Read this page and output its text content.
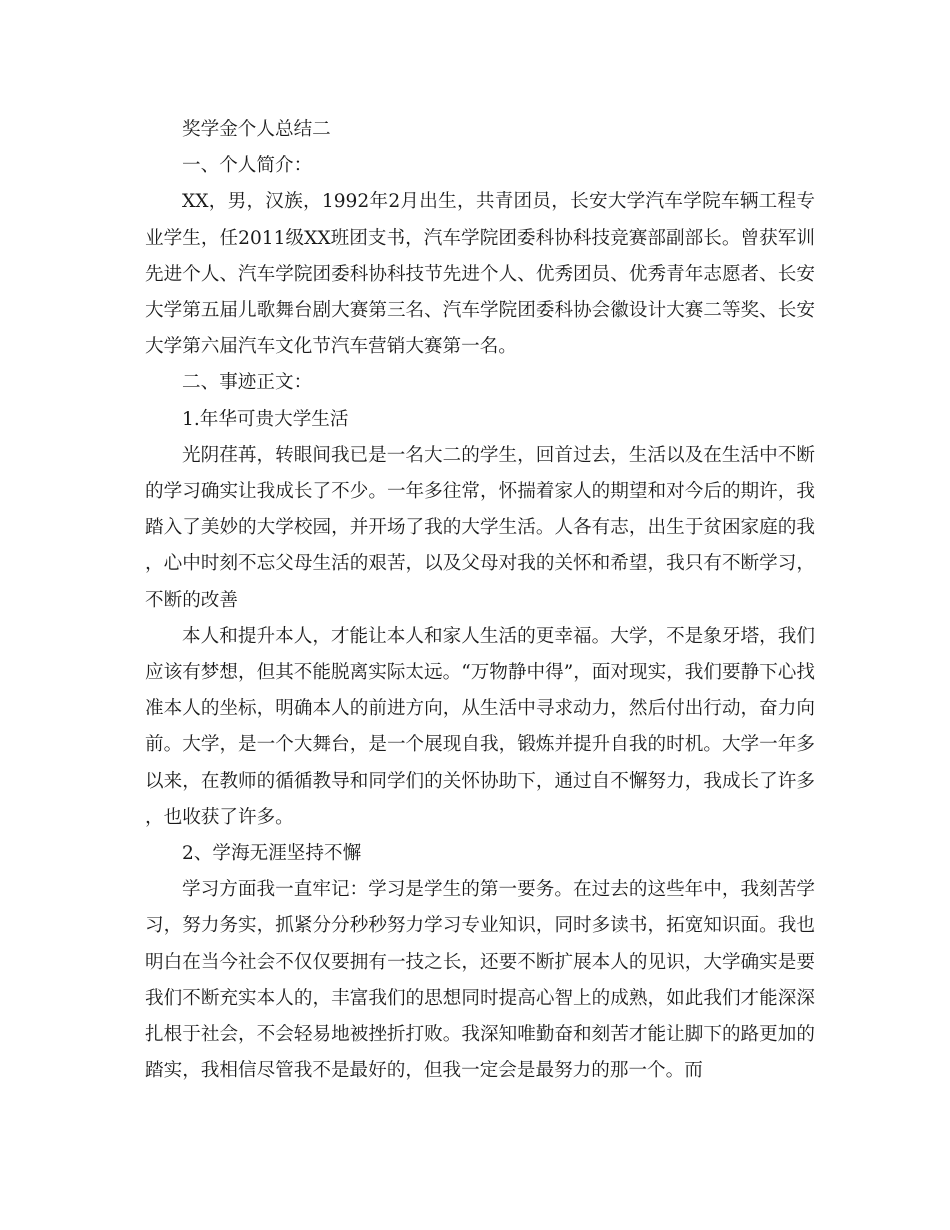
奖学金个人总结二

一、个人简介：

XX，男，汉族，1992年2月出生，共青团员，长安大学汽车学院车辆工程专业学生，任2011级XX班团支书，汽车学院团委科协科技竞赛部副部长。曾获军训先进个人、汽车学院团委科协科技节先进个人、优秀团员、优秀青年志愿者、长安大学第五届儿歌舞台剧大赛第三名、汽车学院团委科协会徽设计大赛二等奖、长安大学第六届汽车文化节汽车营销大赛第一名。

二、事迹正文：

1.年华可贵大学生活

光阴荏苒，转眼间我已是一名大二的学生，回首过去，生活以及在生活中不断的学习确实让我成长了不少。一年多往常，怀揣着家人的期望和对今后的期许，我踏入了美妙的大学校园，并开场了我的大学生活。人各有志，出生于贫困家庭的我，心中时刻不忘父母生活的艰苦，以及父母对我的关怀和希望，我只有不断学习，不断的改善

本人和提升本人，才能让本人和家人生活的更幸福。大学，不是象牙塔，我们应该有梦想，但其不能脱离实际太远。“万物静中得”，面对现实，我们要静下心找准本人的坐标，明确本人的前进方向，从生活中寻求动力，然后付出行动，奋力向前。大学，是一个大舞台，是一个展现自我，锻炼并提升自我的时机。大学一年多以来，在教师的循循教导和同学们的关怀协助下，通过自不懈努力，我成长了许多，也收获了许多。

2、学海无涯坚持不懈

学习方面我一直牢记：学习是学生的第一要务。在过去的这些年中，我刻苦学习，努力务实，抓紧分分秒秒努力学习专业知识，同时多读书，拓宽知识面。我也明白在当今社会不仅仅要拥有一技之长，还要不断扩展本人的见识，大学确实是要我们不断充实本人的，丰富我们的思想同时提高心智上的成熟，如此我们才能深深扎根于社会，不会轻易地被挫折打败。我深知唯勤奋和刻苦才能让脚下的路更加的踏实，我相信尽管我不是最好的，但我一定会是最努力的那一个。而
